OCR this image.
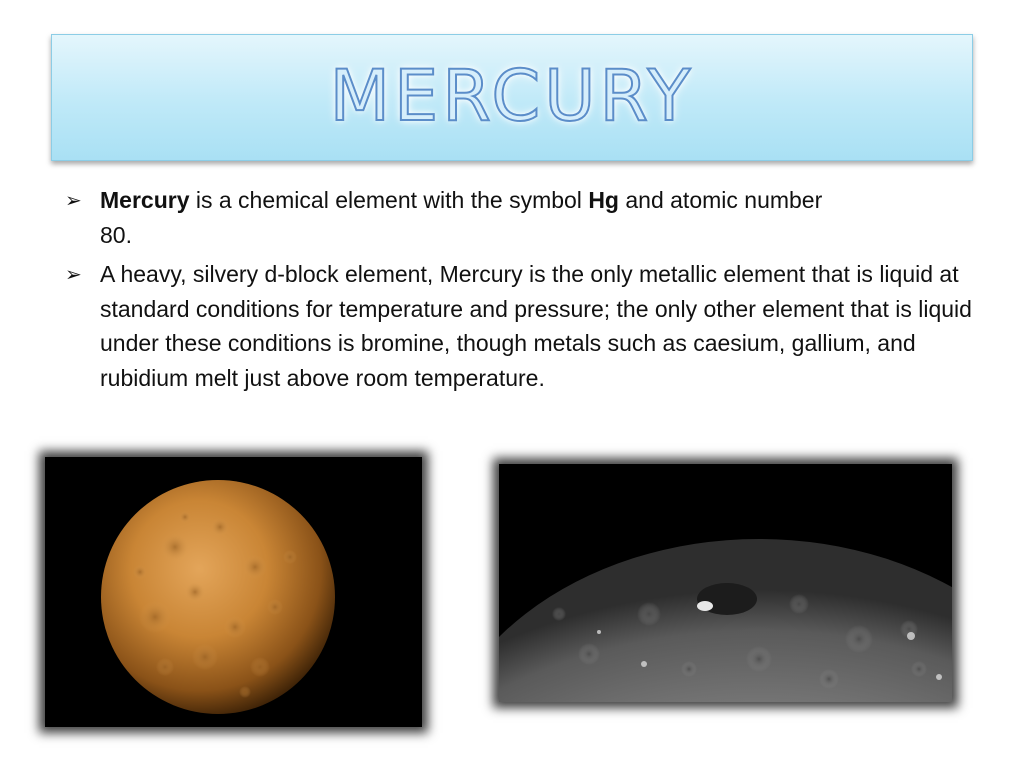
MERCURY
➢ Mercury is a chemical element with the symbol Hg and atomic number 80.
➢ A heavy, silvery d-block element, Mercury is the only metallic element that is liquid at standard conditions for temperature and pressure; the only other element that is liquid under these conditions is bromine, though metals such as caesium, gallium, and rubidium melt just above room temperature.
